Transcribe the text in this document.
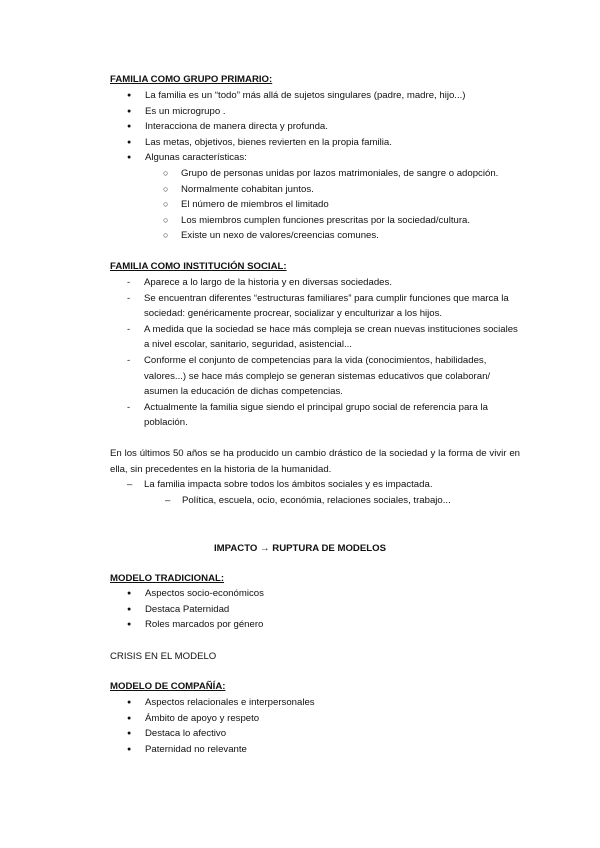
FAMILIA COMO GRUPO PRIMARIO:
● La familia es un “todo” más allá de sujetos singulares (padre, madre, hijo...)
● Es un microgrupo .
● Interacciona de manera directa y profunda.
● Las metas, objetivos, bienes revierten en la propia familia.
● Algunas características:
○ Grupo de personas unidas por lazos matrimoniales, de sangre o adopción.
○ Normalmente cohabitan juntos.
○ El número de miembros el limitado
○ Los miembros cumplen funciones prescritas por la sociedad/cultura.
○ Existe un nexo de valores/creencias comunes.
FAMILIA COMO INSTITUCIÓN SOCIAL:
- Aparece a lo largo de la historia y en diversas sociedades.
- Se encuentran diferentes “estructuras familiares” para cumplir funciones que marca la sociedad: genéricamente procrear, socializar y enculturizar a los hijos.
- A medida que la sociedad se hace más compleja se crean nuevas instituciones sociales a nivel escolar, sanitario, seguridad, asistencial...
- Conforme el conjunto de competencias para la vida (conocimientos, habilidades, valores...) se hace más complejo se generan sistemas educativos que colaboran/ asumen la educación de dichas competencias.
- Actualmente la familia sigue siendo el principal grupo social de referencia para la población.
En los últimos 50 años se ha producido un cambio drástico de la sociedad y la forma de vivir en ella, sin precedentes en la historia de la humanidad.
– La familia impacta sobre todos los ámbitos sociales y es impactada.
– Política, escuela, ocio, económia, relaciones sociales, trabajo...
IMPACTO → RUPTURA DE MODELOS
MODELO TRADICIONAL:
● Aspectos socio-económicos
● Destaca Paternidad
● Roles marcados por género
CRISIS EN EL MODELO
MODELO DE COMPAÑÍA:
● Aspectos relacionales e interpersonales
● Ámbito de apoyo y respeto
● Destaca lo afectivo
● Paternidad no relevante
